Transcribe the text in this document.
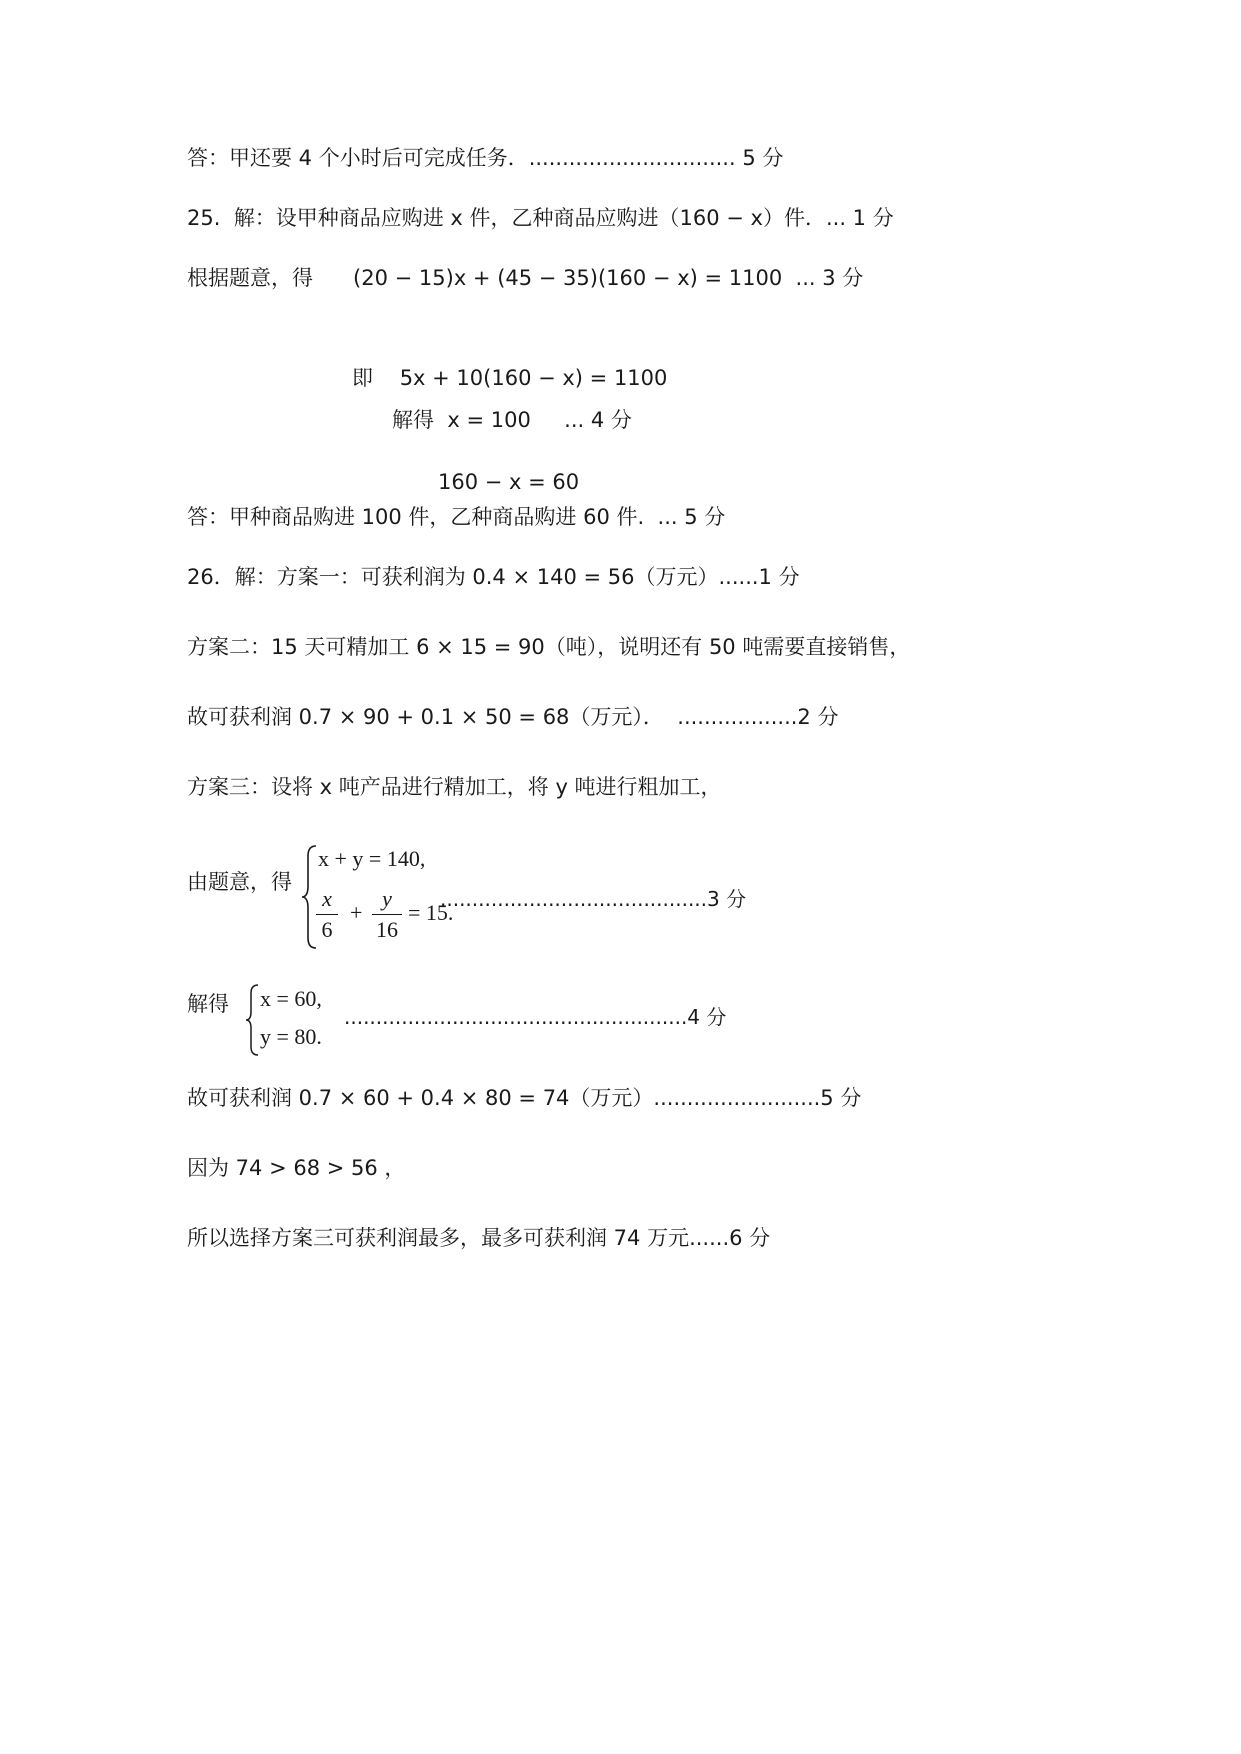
答：甲还要 4 个小时后可完成任务．............................... 5 分
25.  解：设甲种商品应购进 x 件，乙种商品应购进（160 − x）件．... 1 分
根据题意，得      (20 − 15)x + (45 − 35)(160 − x) = 1100  ... 3 分
即    5x + 10(160 − x) = 1100
解得  x = 100     ... 4 分
160 − x = 60
答：甲种商品购进 100 件，乙种商品购进 60 件.  ... 5 分
26．解：方案一：可获利润为 0.4 × 140 = 56（万元）......1 分
方案二：15 天可精加工 6 × 15 = 90（吨），说明还有 50 吨需要直接销售，
故可获利润 0.7 × 90 + 0.1 × 50 = 68（万元）．  ..................2 分
方案三：设将 x 吨产品进行精加工，将 y 吨进行粗加工，
由题意，得
解得
故可获利润 0.7 × 60 + 0.4 × 80 = 74（万元）.........................5 分
因为 74 > 68 > 56 ，
所以选择方案三可获利润最多，最多可获利润 74 万元......6 分
x + y = 140,
x
6
+
y
16
= 15.
..........................................3 分
x = 60,
y = 80.
......................................................4 分
